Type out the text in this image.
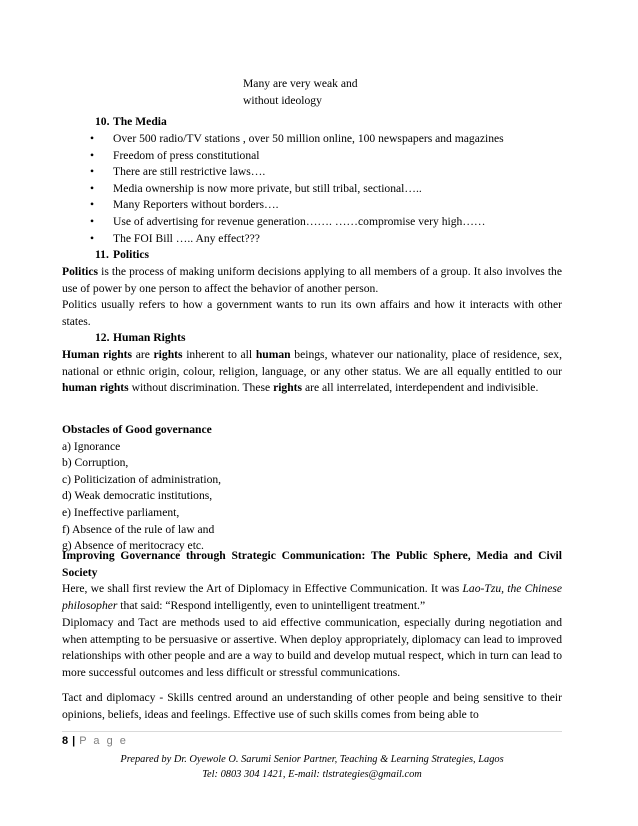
Many are very weak and
without ideology
10. The Media
• Over 500 radio/TV stations , over 50 million online, 100 newspapers and magazines
• Freedom of press constitutional
• There are still restrictive laws….
• Media ownership is now more private, but still tribal, sectional…..
• Many Reporters without borders….
• Use of advertising for revenue generation……. ……compromise very high……
• The FOI Bill ….. Any effect???
11. Politics
Politics is the process of making uniform decisions applying to all members of a group. It also involves the use of power by one person to affect the behavior of another person.
Politics usually refers to how a government wants to run its own affairs and how it interacts with other states.
12. Human Rights
Human rights are rights inherent to all human beings, whatever our nationality, place of residence, sex, national or ethnic origin, colour, religion, language, or any other status. We are all equally entitled to our human rights without discrimination. These rights are all interrelated, interdependent and indivisible.
Obstacles of Good governance
a) Ignorance
b) Corruption,
c) Politicization of administration,
d) Weak democratic institutions,
e) Ineffective parliament,
f) Absence of the rule of law and
g) Absence of meritocracy etc.
Improving Governance through Strategic Communication: The Public Sphere, Media and Civil Society
Here, we shall first review the Art of Diplomacy in Effective Communication. It was Lao-Tzu, the Chinese philosopher that said: “Respond intelligently, even to unintelligent treatment.”
Diplomacy and Tact are methods used to aid effective communication, especially during negotiation and when attempting to be persuasive or assertive. When deploy appropriately, diplomacy can lead to improved relationships with other people and are a way to build and develop mutual respect, which in turn can lead to more successful outcomes and less difficult or stressful communications.
Tact and diplomacy - Skills centred around an understanding of other people and being sensitive to their opinions, beliefs, ideas and feelings. Effective use of such skills comes from being able to
8 | P a g e
Prepared by Dr. Oyewole O. Sarumi Senior Partner, Teaching & Learning Strategies, Lagos
Tel: 0803 304 1421, E-mail: tlstrategies@gmail.com
